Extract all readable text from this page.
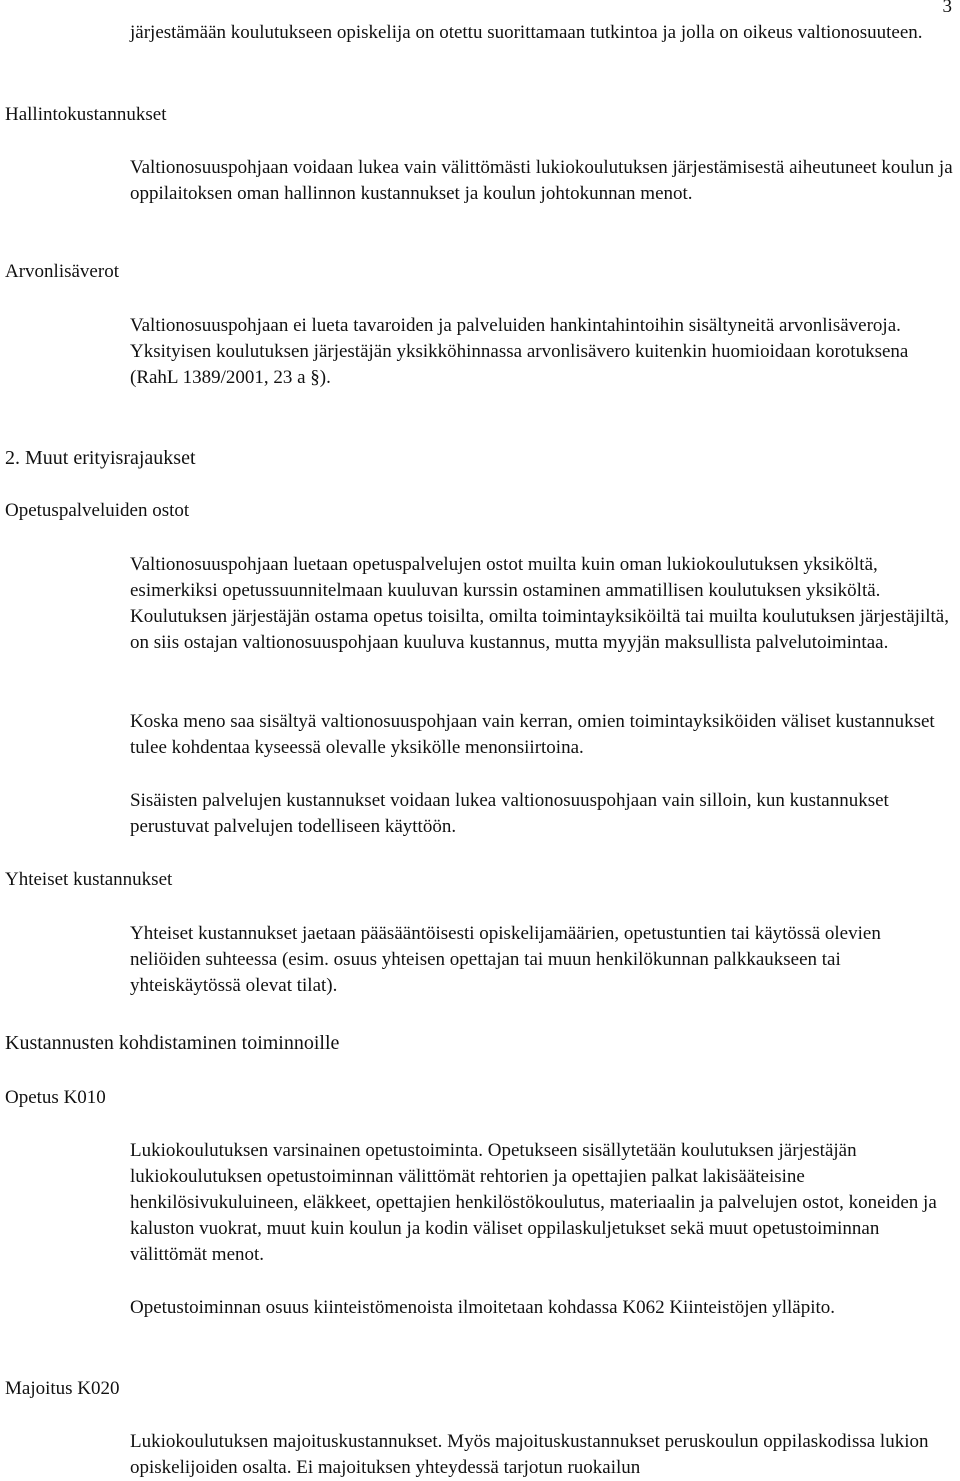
3

järjestämään koulutukseen opiskelija on otettu suorittamaan tutkintoa ja jolla on oikeus valtionosuuteen.

Hallintokustannukset

Valtionosuuspohjaan voidaan lukea vain välittömästi lukiokoulutuksen järjestämisestä aiheutuneet koulun ja oppilaitoksen oman hallinnon kustannukset ja koulun johtokunnan menot.

Arvonlisäverot

Valtionosuuspohjaan ei lueta tavaroiden ja palveluiden hankintahintoihin sisältyneitä arvonlisäveroja. Yksityisen koulutuksen järjestäjän yksikköhinnassa arvonlisävero kuitenkin huomioidaan korotuksena (RahL 1389/2001, 23 a §).

2. Muut erityisrajaukset
Opetuspalveluiden ostot

Valtionosuuspohjaan luetaan opetuspalvelujen ostot muilta kuin oman lukiokoulutuksen yksiköltä, esimerkiksi opetussuunnitelmaan kuuluvan kurssin ostaminen ammatillisen koulutuksen yksiköltä. Koulutuksen järjestäjän ostama opetus toisilta, omilta toimintayksiköiltä tai muilta koulutuksen järjestäjiltä, on siis ostajan valtionosuuspohjaan kuuluva kustannus, mutta myyjän maksullista palvelutoimintaa.

Koska meno saa sisältyä valtionosuuspohjaan vain kerran, omien toimintayksiköiden väliset kustannukset tulee kohdentaa kyseessä olevalle yksikölle menonsiirtoina.

Sisäisten palvelujen kustannukset voidaan lukea valtionosuuspohjaan vain silloin, kun kustannukset perustuvat palvelujen todelliseen käyttöön.

Yhteiset kustannukset

Yhteiset kustannukset jaetaan pääsääntöisesti opiskelijamäärien, opetustuntien tai käytössä olevien neliöiden suhteessa (esim. osuus yhteisen opettajan tai muun henkilökunnan palkkaukseen tai yhteiskäytössä olevat tilat).

Kustannusten kohdistaminen toiminnoille
Opetus K010

Lukiokoulutuksen varsinainen opetustoiminta. Opetukseen sisällytetään koulutuksen järjestäjän lukiokoulutuksen opetustoiminnan välittömät rehtorien ja opettajien palkat lakisääteisine henkilösivukuluineen, eläkkeet, opettajien henkilöstökoulutus, materiaalin ja palvelujen ostot, koneiden ja kaluston vuokrat, muut kuin koulun ja kodin väliset oppilaskuljetukset sekä muut opetustoiminnan välittömät menot.

Opetustoiminnan osuus kiinteistömenoista ilmoitetaan kohdassa K062 Kiinteistöjen ylläpito.

Majoitus K020

Lukiokoulutuksen majoituskustannukset. Myös majoituskustannukset peruskoulun oppilaskodissa lukion opiskelijoiden osalta. Ei majoituksen yhteydessä tarjotun ruokailun
